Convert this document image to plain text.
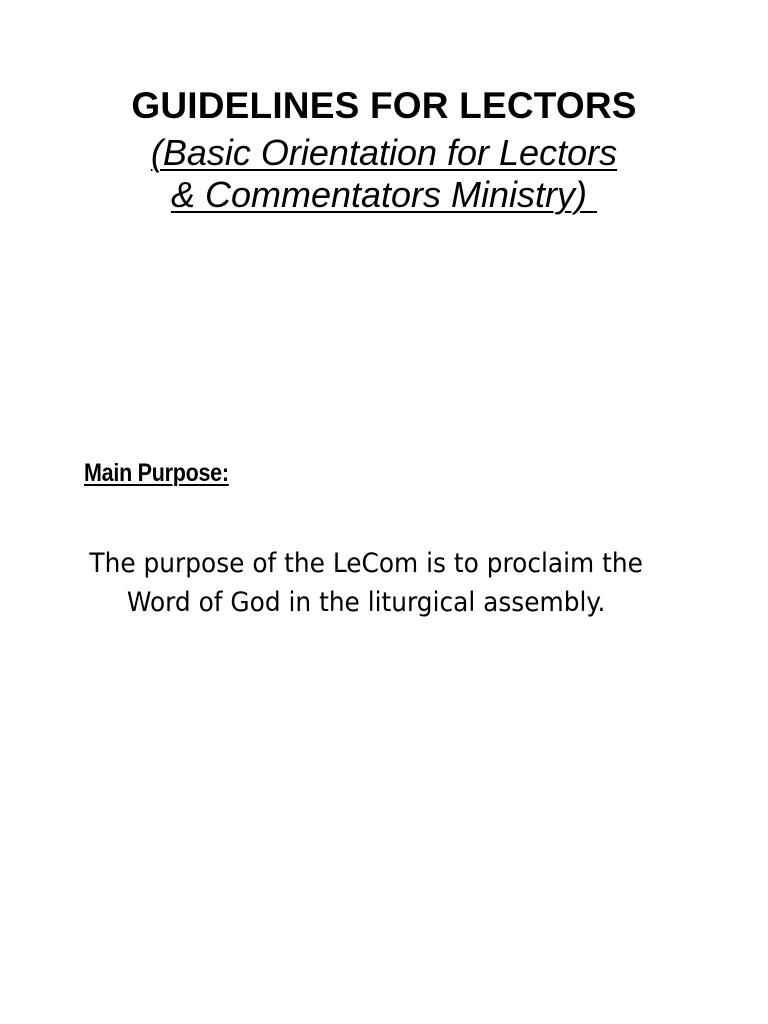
GUIDELINES FOR LECTORS
(Basic Orientation for Lectors
& Commentators Ministry)
Main Purpose:
The purpose of the LeCom is to proclaim the
Word of God in the liturgical assembly.
